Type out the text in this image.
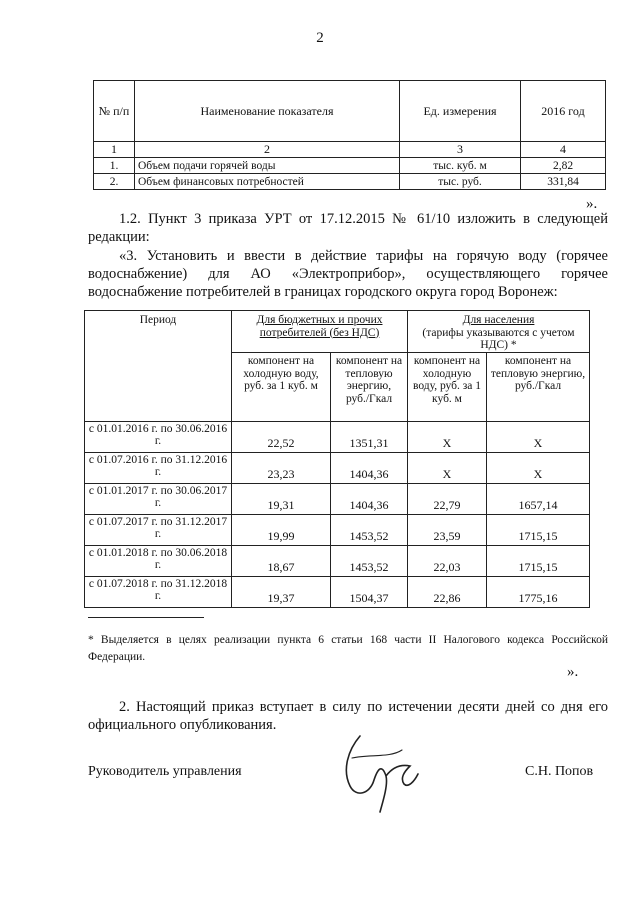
2
№ п/п	Наименование показателя	Ед. измерения	2016 год
1	2	3	4
1.	Объем подачи горячей воды	тыс. куб. м	2,82
2.	Объем финансовых потребностей	тыс. руб.	331,84
».
1.2. Пункт 3 приказа УРТ от 17.12.2015 № 61/10 изложить в следующей редакции:
«3. Установить и ввести в действие тарифы на горячую воду (горячее водоснабжение) для АО «Электроприбор», осуществляющего горячее водоснабжение потребителей в границах городского округа город Воронеж:
Период	Для бюджетных и прочих потребителей (без НДС)		Для населения
(тарифы указываются с учетом НДС) *	
	компонент на холодную воду, руб. за 1 куб. м	компонент на тепловую энергию, руб./Гкал	компонент на холодную воду, руб. за 1 куб. м	компонент на тепловую энергию, руб./Гкал
с 01.01.2016 г. по 30.06.2016 г.	22,52	1351,31	X	X
с 01.07.2016 г. по 31.12.2016 г.	23,23	1404,36	X	X
с 01.01.2017 г. по 30.06.2017 г.	19,31	1404,36	22,79	1657,14
с 01.07.2017 г. по 31.12.2017 г.	19,99	1453,52	23,59	1715,15
с 01.01.2018 г. по 30.06.2018 г.	18,67	1453,52	22,03	1715,15
с 01.07.2018 г. по 31.12.2018 г.	19,37	1504,37	22,86	1775,16
* Выделяется в целях реализации пункта 6 статьи 168 части II Налогового кодекса Российской Федерации.
».
2. Настоящий приказ вступает в силу по истечении десяти дней со дня его официального опубликования.
Руководитель управления	С.Н. Попов
